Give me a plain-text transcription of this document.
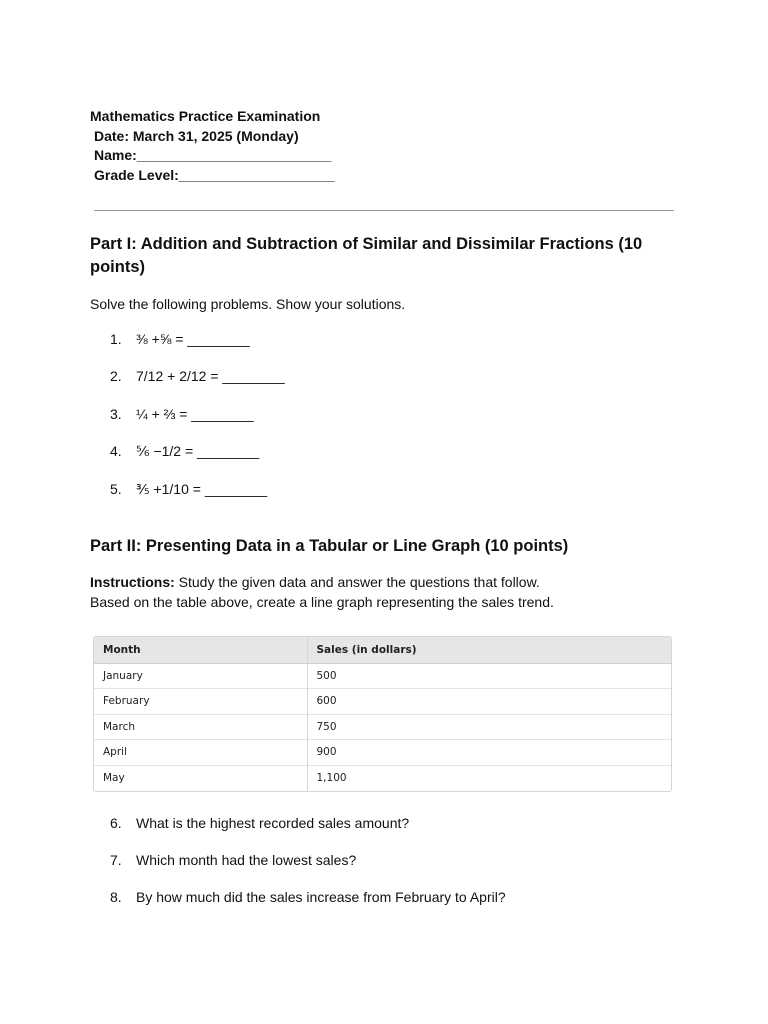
Mathematics Practice Examination
Date: March 31, 2025 (Monday)
Name:_________________________
Grade Level:____________________
Part I: Addition and Subtraction of Similar and Dissimilar Fractions (10 points)
Solve the following problems. Show your solutions.
1. ⅜ +⅝ = ________
2. 7/12 + 2/12 = ________
3. ¼ + ⅔ = ________
4. ⅚ −1/2 = ________
5. ⅗ +1/10 = ________
Part II: Presenting Data in a Tabular or Line Graph (10 points)
Instructions: Study the given data and answer the questions that follow.
Based on the table above, create a line graph representing the sales trend.
Month	Sales (in dollars)
January	500
February	600
March	750
April	900
May	1,100
6. What is the highest recorded sales amount?
7. Which month had the lowest sales?
8. By how much did the sales increase from February to April?
